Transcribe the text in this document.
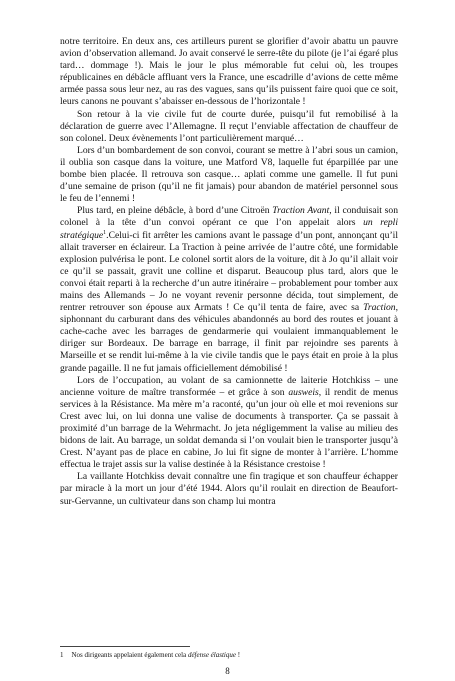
notre territoire. En deux ans, ces artilleurs purent se glorifier d’avoir abattu un pauvre avion d’observation allemand. Jo avait conservé le serre-tête du pilote (je l’ai égaré plus tard… dommage !). Mais le jour le plus mémorable fut celui où, les troupes républicaines en débâcle affluant vers la France, une escadrille d’avions de cette même armée passa sous leur nez, au ras des vagues, sans qu’ils puissent faire quoi que ce soit, leurs canons ne pouvant s’abaisser en-dessous de l’horizontale !

Son retour à la vie civile fut de courte durée, puisqu’il fut remobilisé à la déclaration de guerre avec l’Allemagne. Il reçut l’enviable affectation de chauffeur de son colonel. Deux évènements l’ont particulièrement marqué…

Lors d’un bombardement de son convoi, courant se mettre à l’abri sous un camion, il oublia son casque dans la voiture, une Matford V8, laquelle fut éparpillée par une bombe bien placée. Il retrouva son casque… aplati comme une gamelle. Il fut puni d’une semaine de prison (qu’il ne fit jamais) pour abandon de matériel personnel sous le feu de l’ennemi !

Plus tard, en pleine débâcle, à bord d’une Citroën Traction Avant, il conduisait son colonel à la tête d’un convoi opérant ce que l’on appelait alors un repli stratégique$^1$.Celui-ci fit arrêter les camions avant le passage d’un pont, annonçant qu’il allait traverser en éclaireur. La Traction à peine arrivée de l’autre côté, une formidable explosion pulvérisa le pont. Le colonel sortit alors de la voiture, dit à Jo qu’il allait voir ce qu’il se passait, gravit une colline et disparut. Beaucoup plus tard, alors que le convoi était reparti à la recherche d’un autre itinéraire – probablement pour tomber aux mains des Allemands – Jo ne voyant revenir personne décida, tout simplement, de rentrer retrouver son épouse aux Armats ! Ce qu’il tenta de faire, avec sa Traction, siphonnant du carburant dans des véhicules abandonnés au bord des routes et jouant à cache-cache avec les barrages de gendarmerie qui voulaient immanquablement le diriger sur Bordeaux. De barrage en barrage, il finit par rejoindre ses parents à Marseille et se rendit lui-même à la vie civile tandis que le pays était en proie à la plus grande pagaille. Il ne fut jamais officiellement démobilisé !

Lors de l’occupation, au volant de sa camionnette de laiterie Hotchkiss – une ancienne voiture de maître transformée – et grâce à son ausweis, il rendit de menus services à la Résistance. Ma mère m’a raconté, qu’un jour où elle et moi revenions sur Crest avec lui, on lui donna une valise de documents à transporter. Ça se passait à proximité d’un barrage de la Wehrmacht. Jo jeta négligemment la valise au milieu des bidons de lait. Au barrage, un soldat demanda si l’on voulait bien le transporter jusqu’à Crest. N’ayant pas de place en cabine, Jo lui fit signe de monter à l’arrière. L’homme effectua le trajet assis sur la valise destinée à la Résistance crestoise !

La vaillante Hotchkiss devait connaître une fin tragique et son chauffeur échapper par miracle à la mort un jour d’été 1944. Alors qu’il roulait en direction de Beaufort-sur-Gervanne, un cultivateur dans son champ lui montra

1 Nos dirigeants appelaient également cela défense élastique !
8
